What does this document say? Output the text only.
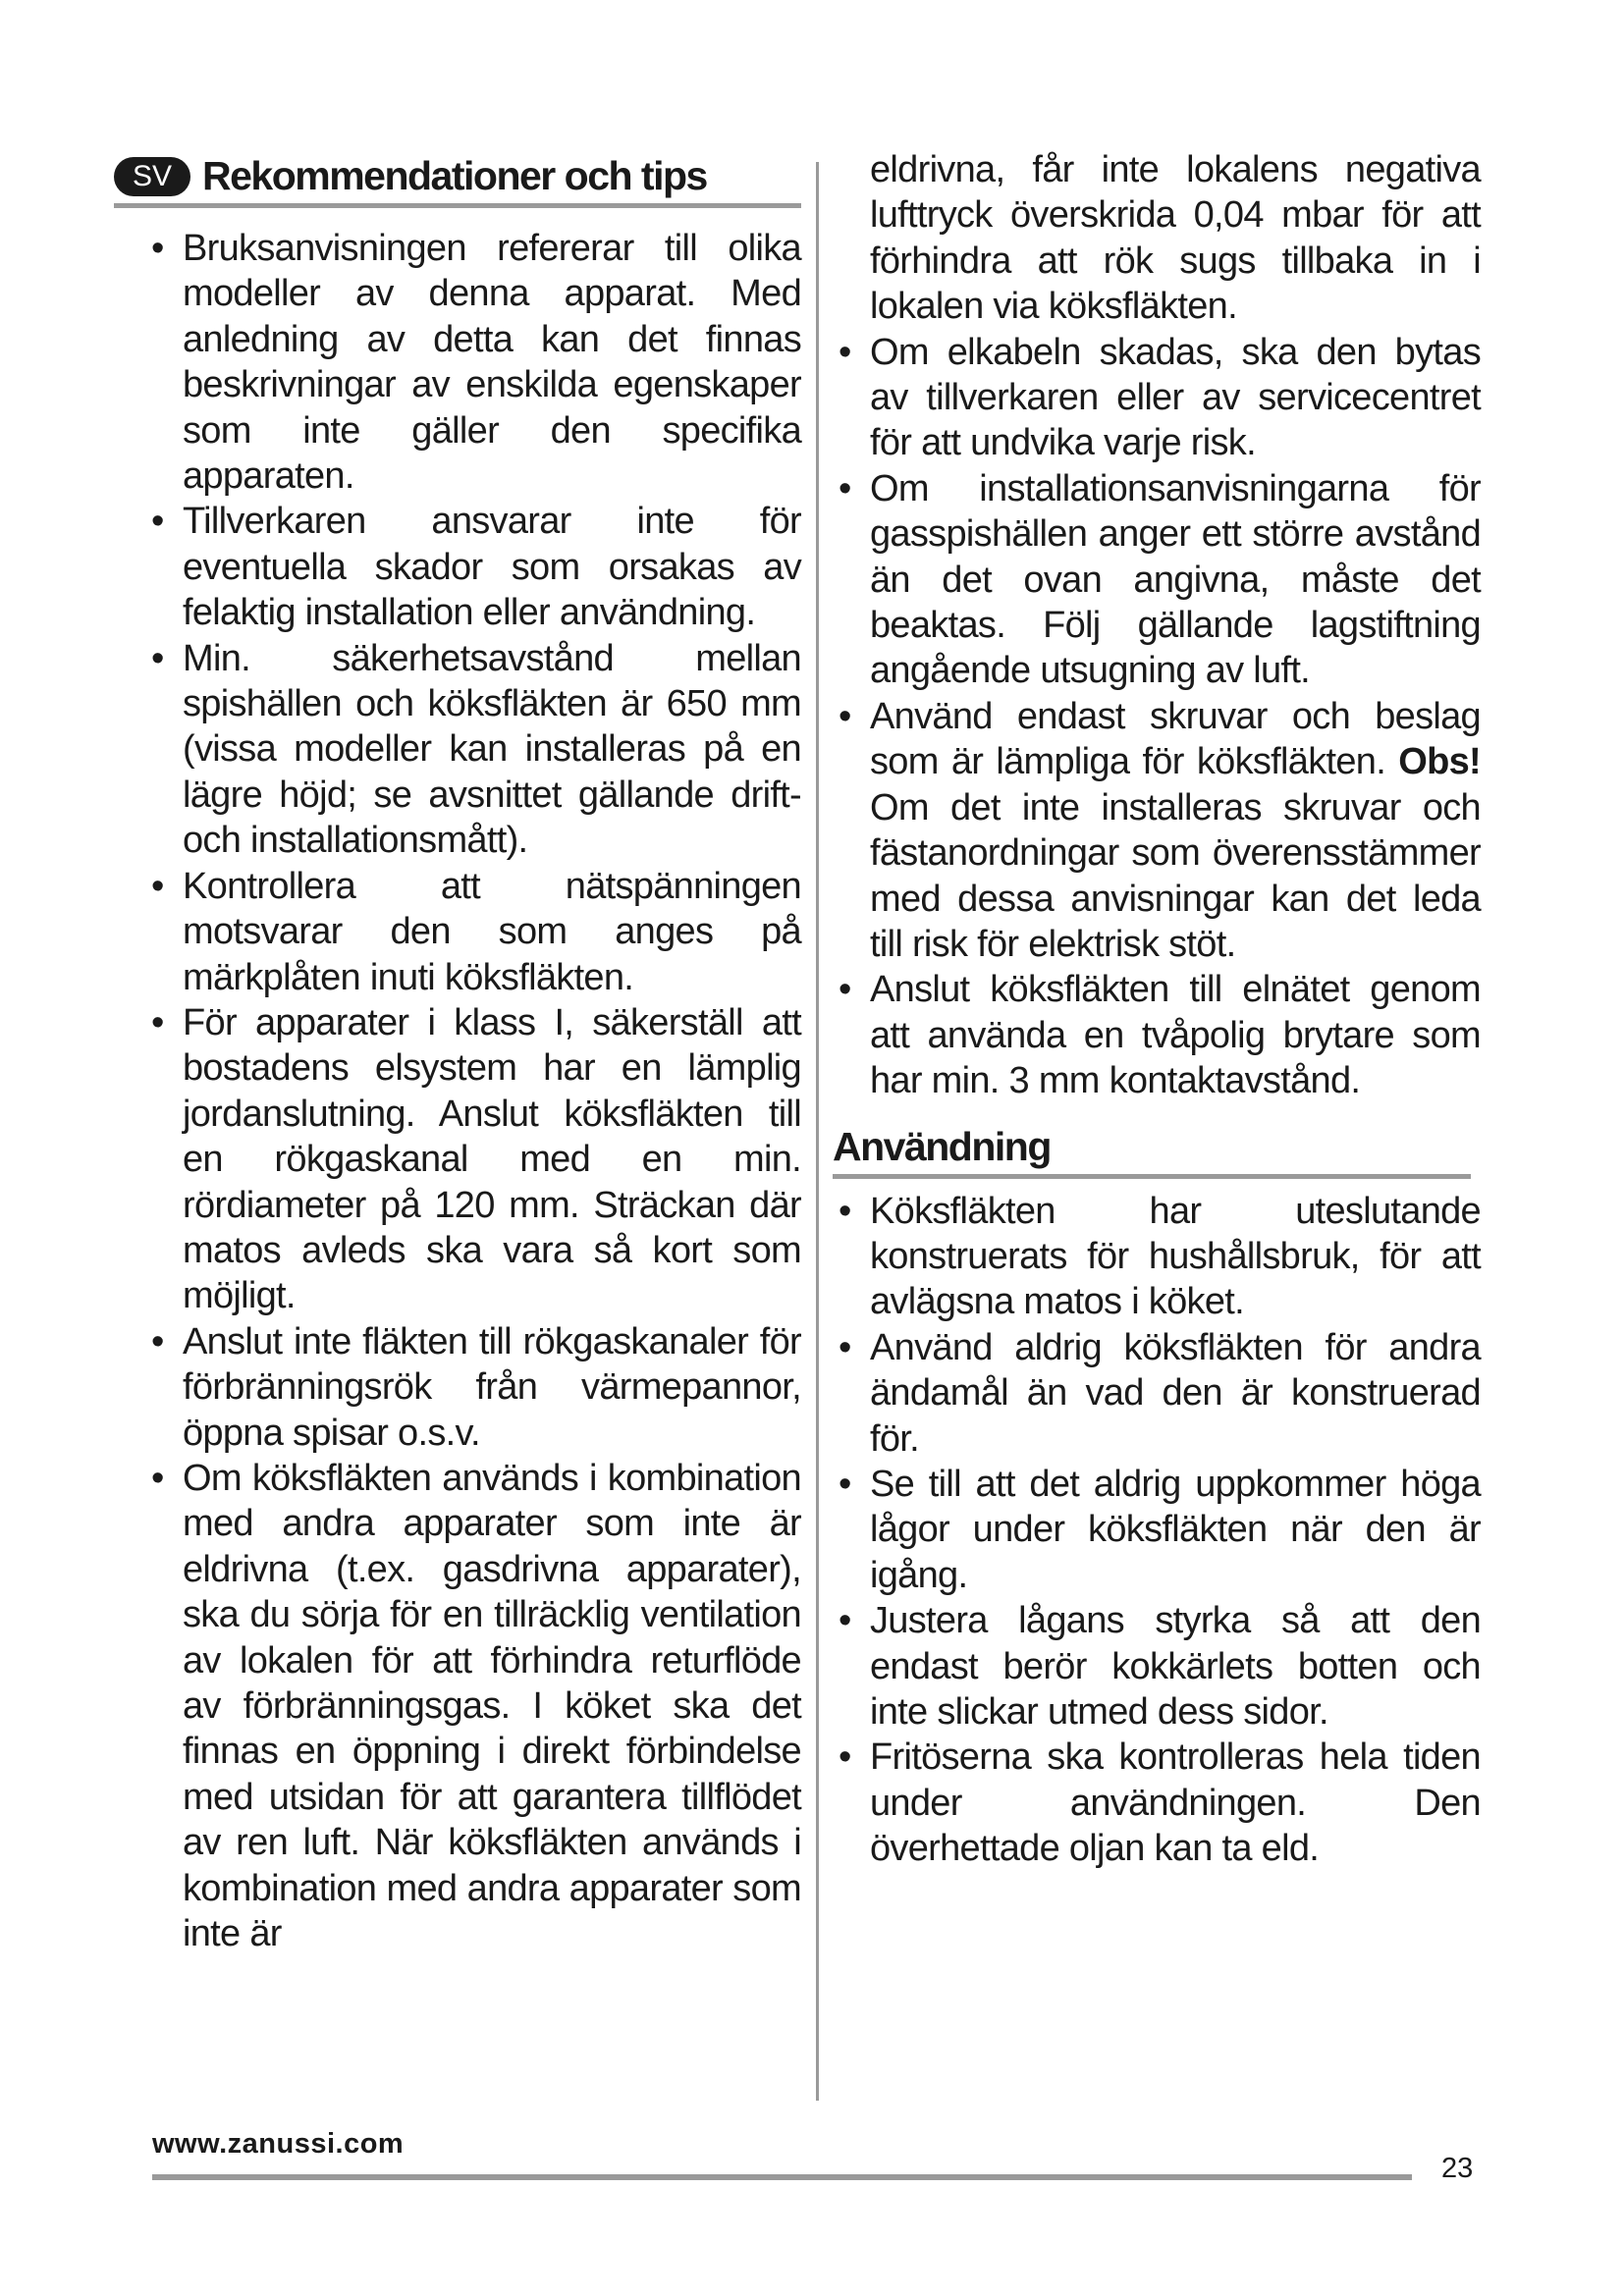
SV Rekommendationer och tips
• Bruksanvisningen refererar till olika modeller av denna apparat. Med anledning av detta kan det finnas beskrivningar av enskilda egenskaper som inte gäller den specifika apparaten.
• Tillverkaren ansvarar inte för eventuella skador som orsakas av felaktig installation eller användning.
• Min. säkerhetsavstånd mellan spishällen och köksfläkten är 650 mm (vissa modeller kan installeras på en lägre höjd; se avsnittet gällande drift- och installationsmått).
• Kontrollera att nätspänningen motsvarar den som anges på märkplåten inuti köksfläkten.
• För apparater i klass I, säkerställ att bostadens elsystem har en lämplig jordanslutning. Anslut köksfläkten till en rökgaskanal med en min. rördiameter på 120 mm. Sträckan där matos avleds ska vara så kort som möjligt.
• Anslut inte fläkten till rökgaskanaler för förbränningsrök från värmepannor, öppna spisar o.s.v.
• Om köksfläkten används i kombination med andra apparater som inte är eldrivna (t.ex. gasdrivna apparater), ska du sörja för en tillräcklig ventilation av lokalen för att förhindra returflöde av förbränningsgas. I köket ska det finnas en öppning i direkt förbindelse med utsidan för att garantera tillflödet av ren luft. När köksfläkten används i kombination med andra apparater som inte är
eldrivna, får inte lokalens negativa lufttryck överskrida 0,04 mbar för att förhindra att rök sugs tillbaka in i lokalen via köksfläkten.
• Om elkabeln skadas, ska den bytas av tillverkaren eller av servicecentret för att undvika varje risk.
• Om installationsanvisningarna för gasspishällen anger ett större avstånd än det ovan angivna, måste det beaktas. Följ gällande lagstiftning angående utsugning av luft.
• Använd endast skruvar och beslag som är lämpliga för köksfläkten. Obs! Om det inte installeras skruvar och fästanordningar som överensstämmer med dessa anvisningar kan det leda till risk för elektrisk stöt.
• Anslut köksfläkten till elnätet genom att använda en tvåpolig brytare som har min. 3 mm kontaktavstånd.
Användning
• Köksfläkten har uteslutande konstruerats för hushållsbruk, för att avlägsna matos i köket.
• Använd aldrig köksfläkten för andra ändamål än vad den är konstruerad för.
• Se till att det aldrig uppkommer höga lågor under köksfläkten när den är igång.
• Justera lågans styrka så att den endast berör kokkärlets botten och inte slickar utmed dess sidor.
• Fritöserna ska kontrolleras hela tiden under användningen. Den överhettade oljan kan ta eld.
www.zanussi.com
23
